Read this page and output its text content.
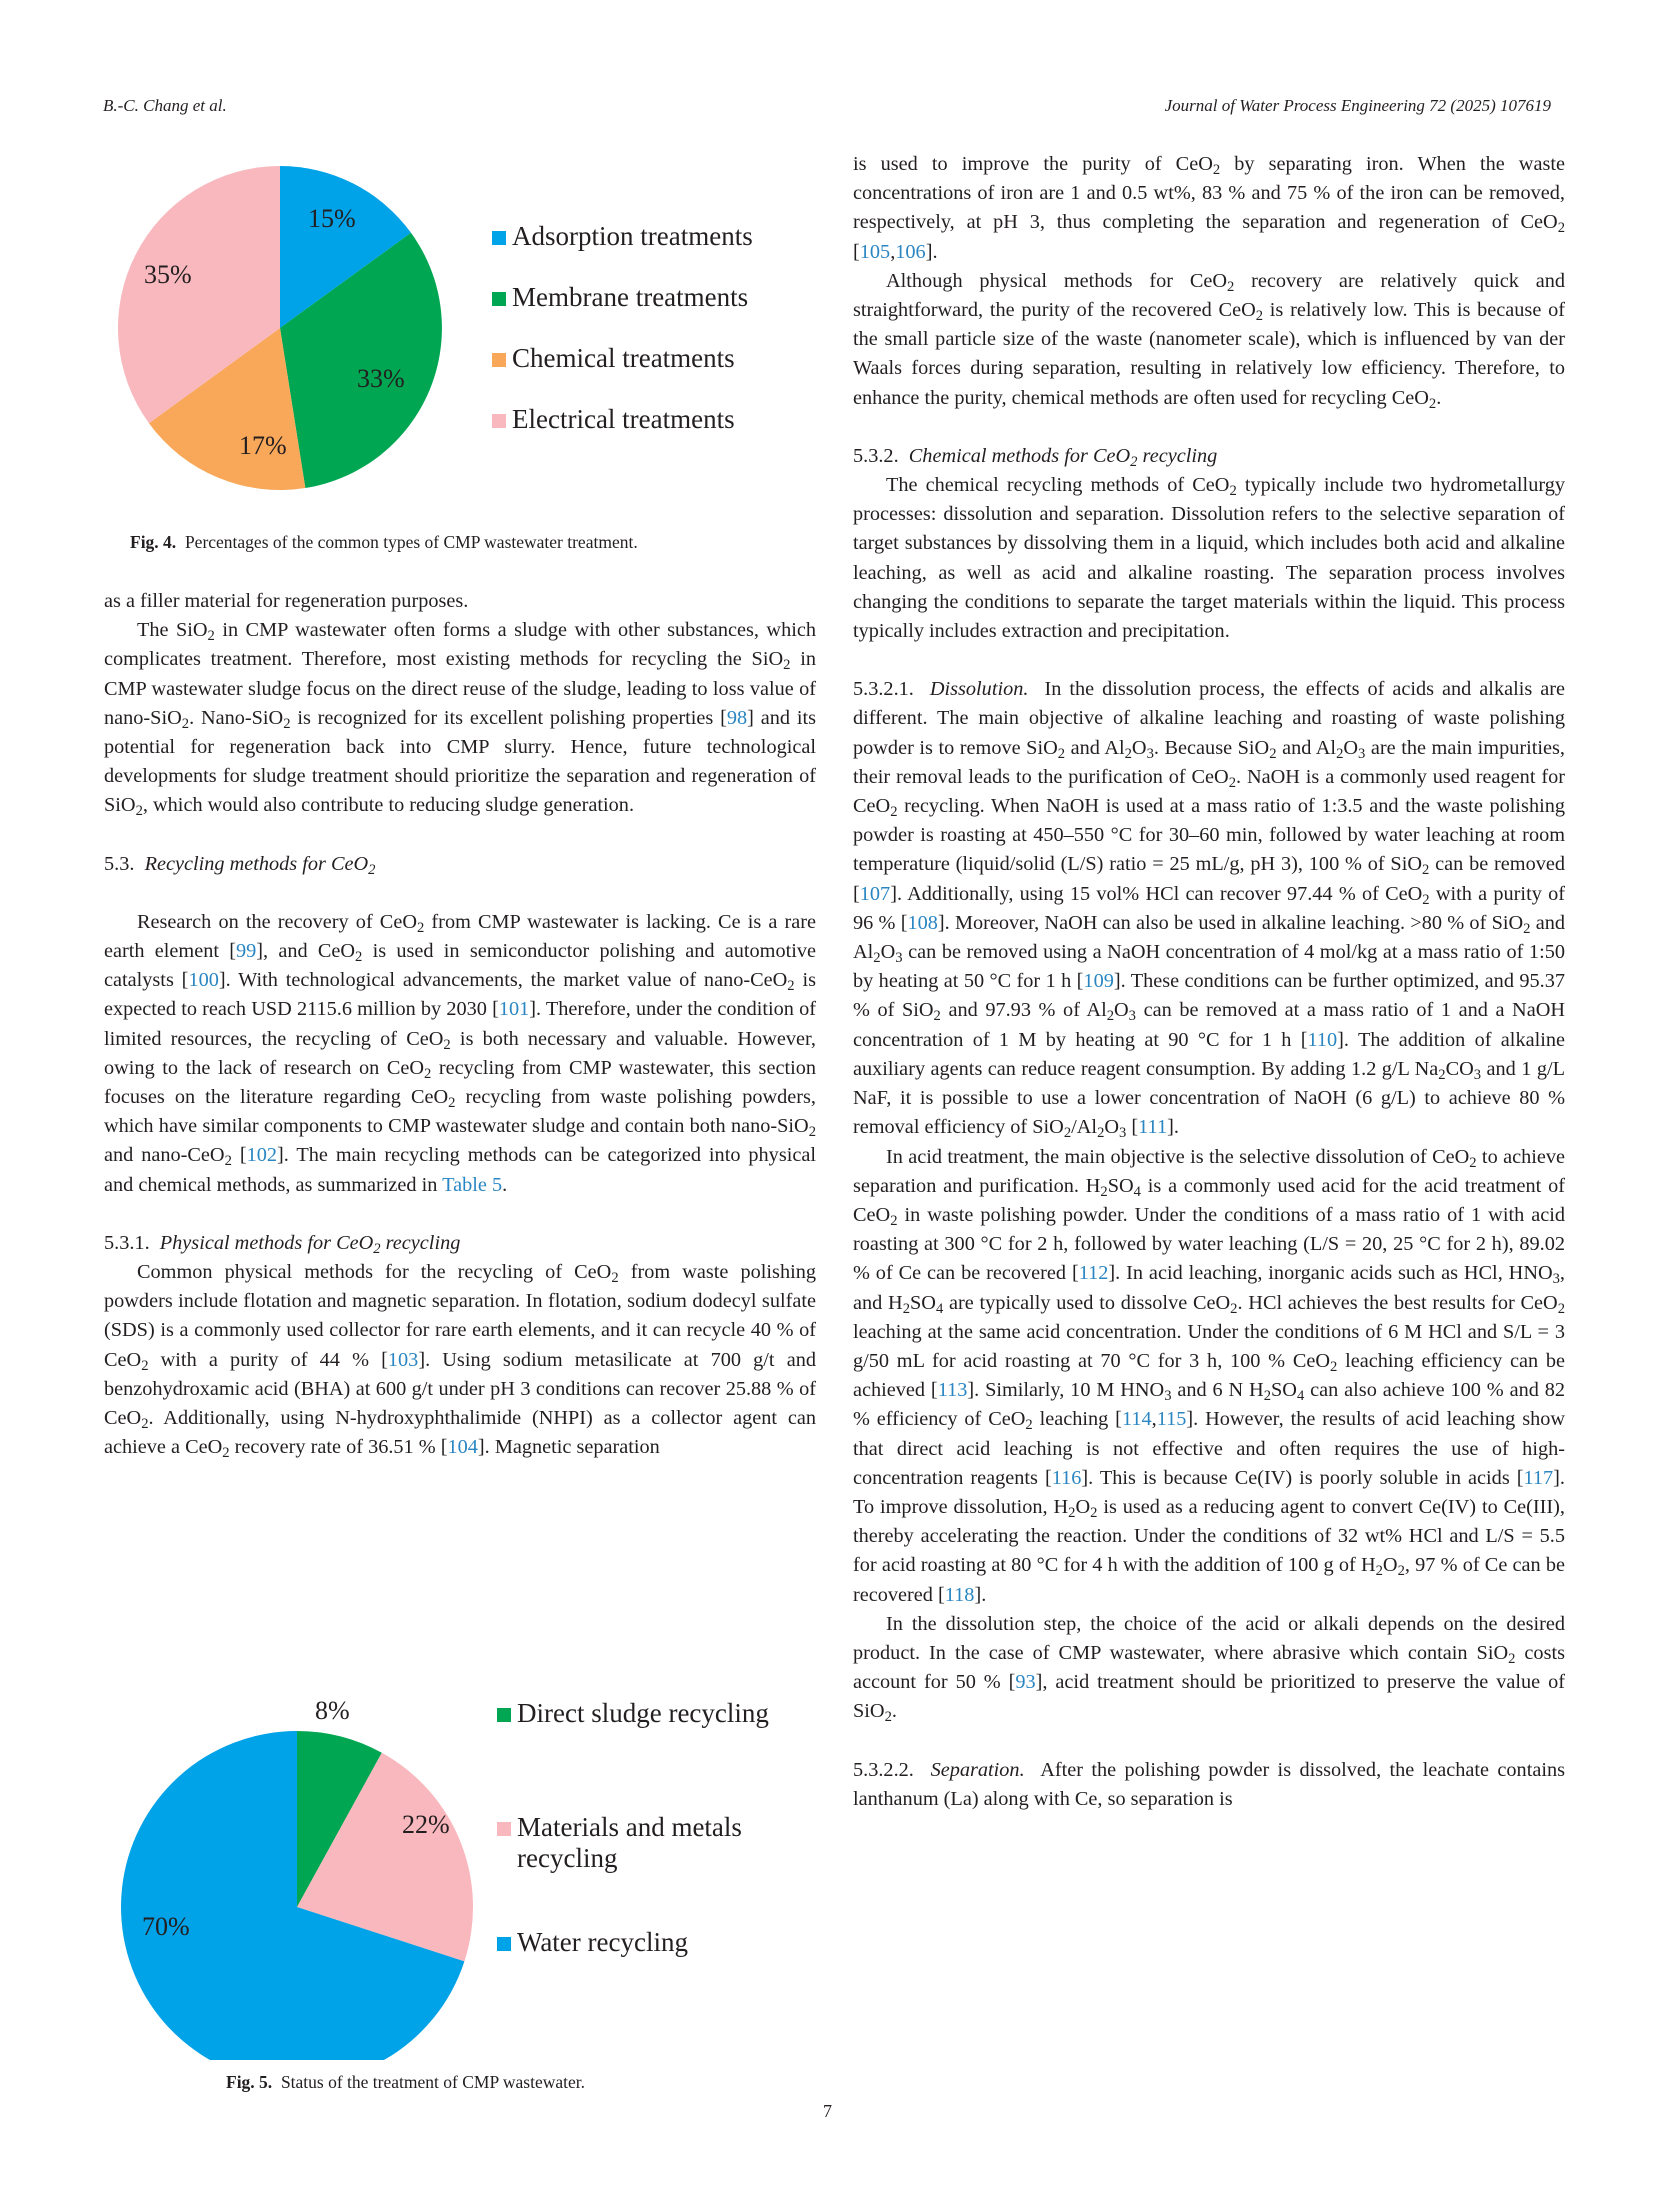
B.-C. Chang et al.	Journal of Water Process Engineering 72 (2025) 107619
15%
33%
17%
35%
Adsorption treatments
Membrane treatments
Chemical treatments
Electrical treatments
Fig. 4. Percentages of the common types of CMP wastewater treatment.

as a filler material for regeneration purposes.

The SiO$_2$ in CMP wastewater often forms a sludge with other substances, which complicates treatment. Therefore, most existing methods for recycling the SiO$_2$ in CMP wastewater sludge focus on the direct reuse of the sludge, leading to loss value of nano-SiO$_2$. Nano-SiO$_2$ is recognized for its excellent polishing properties [98] and its potential for regeneration back into CMP slurry. Hence, future technological developments for sludge treatment should prioritize the separation and regeneration of SiO$_2$, which would also contribute to reducing sludge generation.

5.3.  Recycling methods for CeO$_2$

Research on the recovery of CeO$_2$ from CMP wastewater is lacking. Ce is a rare earth element [99], and CeO$_2$ is used in semiconductor polishing and automotive catalysts [100]. With technological advancements, the market value of nano-CeO$_2$ is expected to reach USD 2115.6 million by 2030 [101]. Therefore, under the condition of limited resources, the recycling of CeO$_2$ is both necessary and valuable. However, owing to the lack of research on CeO$_2$ recycling from CMP wastewater, this section focuses on the literature regarding CeO$_2$ recycling from waste polishing powders, which have similar components to CMP wastewater sludge and contain both nano-SiO$_2$ and nano-CeO$_2$ [102]. The main recycling methods can be categorized into physical and chemical methods, as summarized in Table 5.

5.3.1.  Physical methods for CeO$_2$ recycling

Common physical methods for the recycling of CeO$_2$ from waste polishing powders include flotation and magnetic separation. In flotation, sodium dodecyl sulfate (SDS) is a commonly used collector for rare earth elements, and it can recycle 40 % of CeO$_2$ with a purity of 44 % [103]. Using sodium metasilicate at 700 g/t and benzohydroxamic acid (BHA) at 600 g/t under pH 3 conditions can recover 25.88 % of CeO$_2$. Additionally, using N-hydroxyphthalimide (NHPI) as a collector agent can achieve a CeO$_2$ recovery rate of 36.51 % [104]. Magnetic separation

8%
22%
70%
Direct sludge recycling
Materials and metals
recycling
Water recycling
Fig. 5. Status of the treatment of CMP wastewater.

is used to improve the purity of CeO$_2$ by separating iron. When the waste concentrations of iron are 1 and 0.5 wt%, 83 % and 75 % of the iron can be removed, respectively, at pH 3, thus completing the separation and regeneration of CeO$_2$ [105,106].

Although physical methods for CeO$_2$ recovery are relatively quick and straightforward, the purity of the recovered CeO$_2$ is relatively low. This is because of the small particle size of the waste (nanometer scale), which is influenced by van der Waals forces during separation, resulting in relatively low efficiency. Therefore, to enhance the purity, chemical methods are often used for recycling CeO$_2$.

5.3.2.  Chemical methods for CeO$_2$ recycling

The chemical recycling methods of CeO$_2$ typically include two hydrometallurgy processes: dissolution and separation. Dissolution refers to the selective separation of target substances by dissolving them in a liquid, which includes both acid and alkaline leaching, as well as acid and alkaline roasting. The separation process involves changing the conditions to separate the target materials within the liquid. This process typically includes extraction and precipitation.

5.3.2.1.  Dissolution.  In the dissolution process, the effects of acids and alkalis are different. The main objective of alkaline leaching and roasting of waste polishing powder is to remove SiO$_2$ and $Al_2O_3$. Because SiO$_2$ and $Al_2O_3$ are the main impurities, their removal leads to the purification of CeO$_2$. NaOH is a commonly used reagent for CeO$_2$ recycling. When NaOH is used at a mass ratio of 1:3.5 and the waste polishing powder is roasting at 450–550 °C for 30–60 min, followed by water leaching at room temperature (liquid/solid (L/S) ratio = 25 mL/g, pH 3), 100 % of SiO$_2$ can be removed [107]. Additionally, using 15 vol% HCl can recover 97.44 % of CeO$_2$ with a purity of 96 % [108]. Moreover, NaOH can also be used in alkaline leaching. >80 % of SiO$_2$ and $Al_2O_3$ can be removed using a NaOH concentration of 4 mol/kg at a mass ratio of 1:50 by heating at 50 °C for 1 h [109]. These conditions can be further optimized, and 95.37 % of SiO$_2$ and 97.93 % of $Al_2O_3$ can be removed at a mass ratio of 1 and a NaOH concentration of 1 M by heating at 90 °C for 1 h [110]. The addition of alkaline auxiliary agents can reduce reagent consumption. By adding 1.2 g/L $Na_2CO_3$ and 1 g/L NaF, it is possible to use a lower concentration of NaOH (6 g/L) to achieve 80 % removal efficiency of $SiO_2/Al_2O_3$ [111].

In acid treatment, the main objective is the selective dissolution of CeO$_2$ to achieve separation and purification. $H_2SO_4$ is a commonly used acid for the acid treatment of CeO$_2$ in waste polishing powder. Under the conditions of a mass ratio of 1 with acid roasting at 300 °C for 2 h, followed by water leaching (L/S = 20, 25 °C for 2 h), 89.02 % of Ce can be recovered [112]. In acid leaching, inorganic acids such as HCl, $HNO_3$, and $H_2SO_4$ are typically used to dissolve CeO$_2$. HCl achieves the best results for CeO$_2$ leaching at the same acid concentration. Under the conditions of 6 M HCl and S/L = 3 g/50 mL for acid roasting at 70 °C for 3 h, 100 % CeO$_2$ leaching efficiency can be achieved [113]. Similarly, 10 M $HNO_3$ and 6 N $H_2SO_4$ can also achieve 100 % and 82 % efficiency of CeO$_2$ leaching [114,115]. However, the results of acid leaching show that direct acid leaching is not effective and often requires the use of high-concentration reagents [116]. This is because Ce(IV) is poorly soluble in acids [117]. To improve dissolution, $H_2O_2$ is used as a reducing agent to convert Ce(IV) to Ce(III), thereby accelerating the reaction. Under the conditions of 32 wt% HCl and L/S = 5.5 for acid roasting at 80 °C for 4 h with the addition of 100 g of $H_2O_2$, 97 % of Ce can be recovered [118].

In the dissolution step, the choice of the acid or alkali depends on the desired product. In the case of CMP wastewater, where abrasive which contain SiO$_2$ costs account for 50 % [93], acid treatment should be prioritized to preserve the value of SiO$_2$.

5.3.2.2.  Separation.  After the polishing powder is dissolved, the leachate contains lanthanum (La) along with Ce, so separation is

7
